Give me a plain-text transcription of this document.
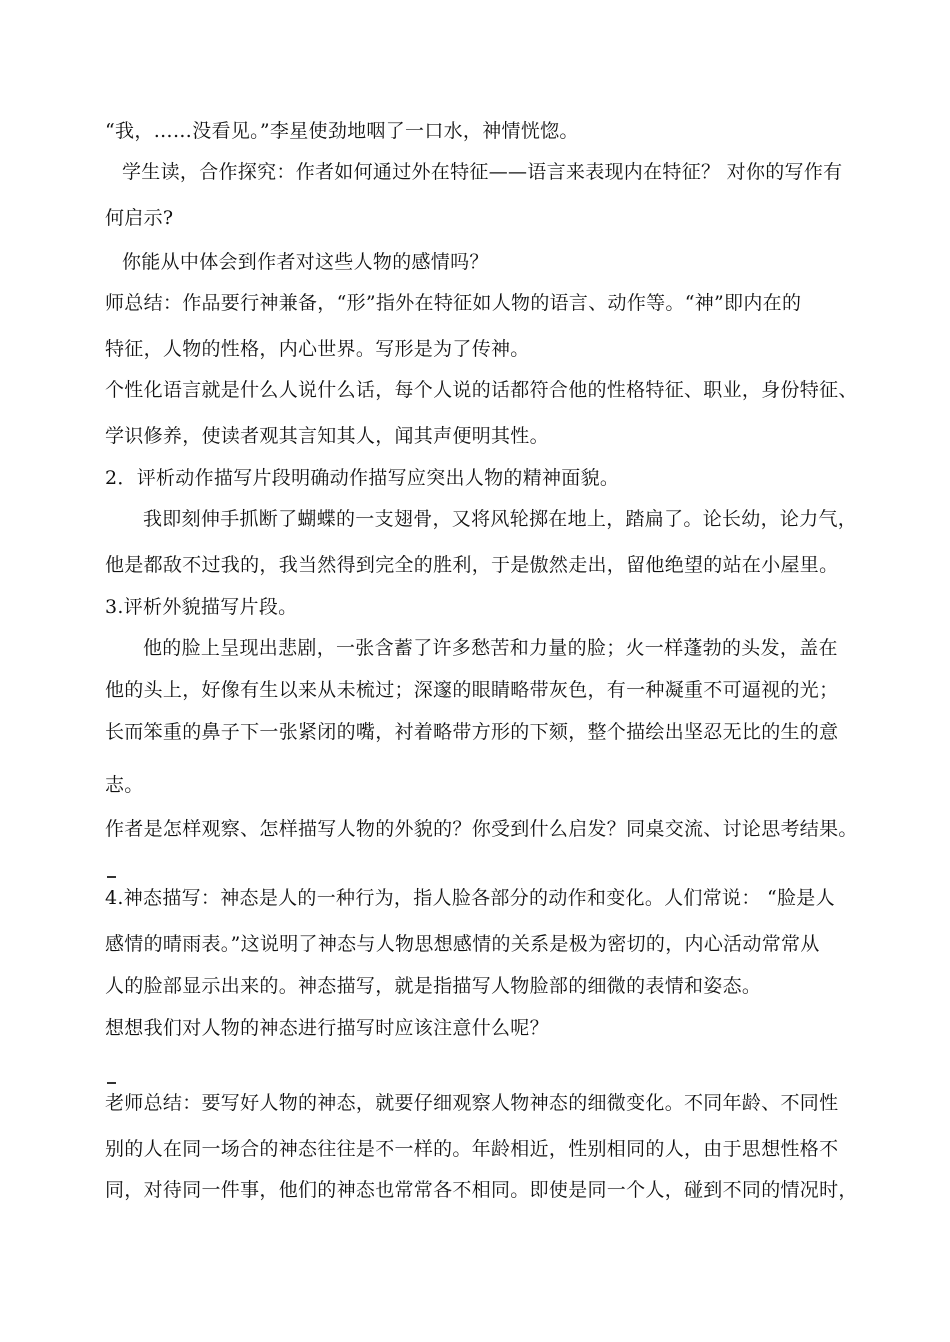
“我，……没看见。”李星使劲地咽了一口水，神情恍惚。
学生读，合作探究：作者如何通过外在特征——语言来表现内在特征？ 对你的写作有
何启示?
你能从中体会到作者对这些人物的感情吗？
师总结：作品要行神兼备，“形”指外在特征如人物的语言、动作等。“神”即内在的
特征，人物的性格，内心世界。写形是为了传神。
个性化语言就是什么人说什么话，每个人说的话都符合他的性格特征、职业，身份特征、
学识修养，使读者观其言知其人，闻其声便明其性。
2．评析动作描写片段明确动作描写应突出人物的精神面貌。
我即刻伸手抓断了蝴蝶的一支翅骨，又将风轮掷在地上，踏扁了。论长幼，论力气，
他是都敌不过我的，我当然得到完全的胜利，于是傲然走出，留他绝望的站在小屋里。
3.评析外貌描写片段。
他的脸上呈现出悲剧，一张含蓄了许多愁苦和力量的脸；火一样蓬勃的头发，盖在
他的头上，好像有生以来从未梳过；深邃的眼睛略带灰色，有一种凝重不可逼视的光；
长而笨重的鼻子下一张紧闭的嘴，衬着略带方形的下颏，整个描绘出坚忍无比的生的意
志。
作者是怎样观察、怎样描写人物的外貌的？你受到什么启发？同桌交流、讨论思考结果。
4.神态描写：神态是人的一种行为，指人脸各部分的动作和变化。人们常说： “脸是人
感情的晴雨表。”这说明了神态与人物思想感情的关系是极为密切的，内心活动常常从
人的脸部显示出来的。神态描写，就是指描写人物脸部的细微的表情和姿态。
想想我们对人物的神态进行描写时应该注意什么呢？
老师总结：要写好人物的神态，就要仔细观察人物神态的细微变化。不同年龄、不同性
别的人在同一场合的神态往往是不一样的。年龄相近，性别相同的人，由于思想性格不
同，对待同一件事，他们的神态也常常各不相同。即使是同一个人，碰到不同的情况时，
